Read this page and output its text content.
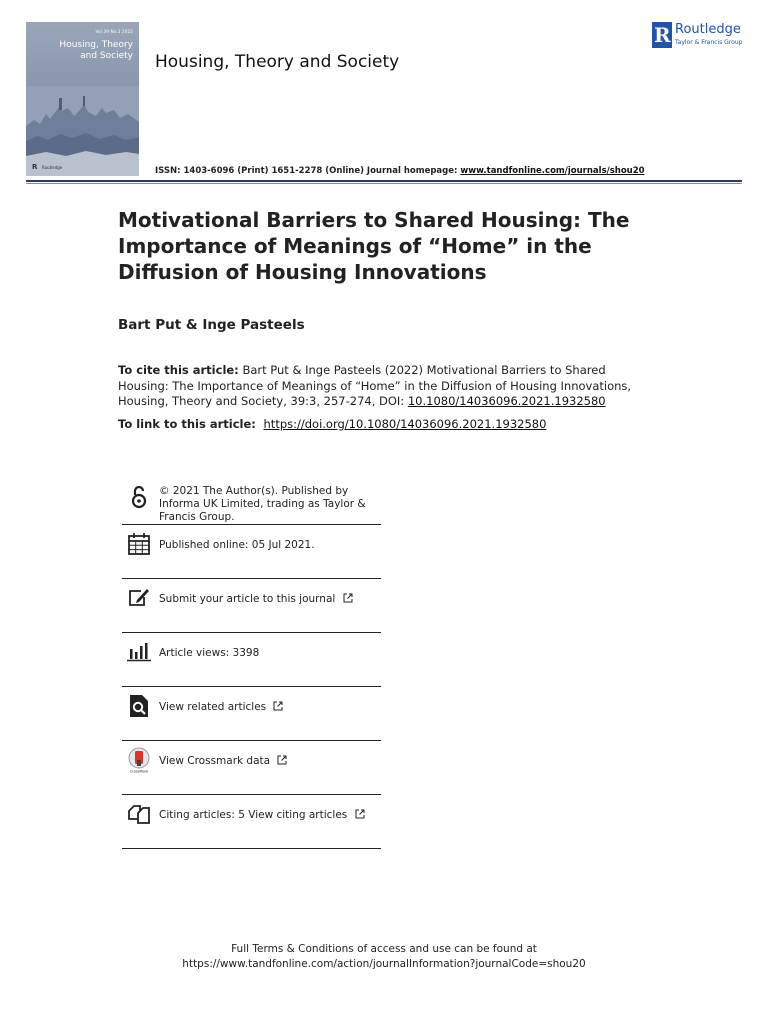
Vol.39 No.3 2022
Housing, Theory
and Society
R Routledge
Housing, Theory and Society
R Routledge
Taylor & Francis Group
ISSN: 1403-6096 (Print) 1651-2278 (Online) Journal homepage: www.tandfonline.com/journals/shou20
Motivational Barriers to Shared Housing: The Importance of Meanings of “Home” in the Diffusion of Housing Innovations
Bart Put & Inge Pasteels
To cite this article: Bart Put & Inge Pasteels (2022) Motivational Barriers to Shared Housing: The Importance of Meanings of “Home” in the Diffusion of Housing Innovations, Housing, Theory and Society, 39:3, 257-274, DOI: 10.1080/14036096.2021.1932580
To link to this article: https://doi.org/10.1080/14036096.2021.1932580
© 2021 The Author(s). Published by Informa UK Limited, trading as Taylor & Francis Group.
Published online: 05 Jul 2021.
Submit your article to this journal
Article views: 3398
View related articles
CrossMark
View Crossmark data
Citing articles: 5 View citing articles
Full Terms & Conditions of access and use can be found at
https://www.tandfonline.com/action/journalInformation?journalCode=shou20
